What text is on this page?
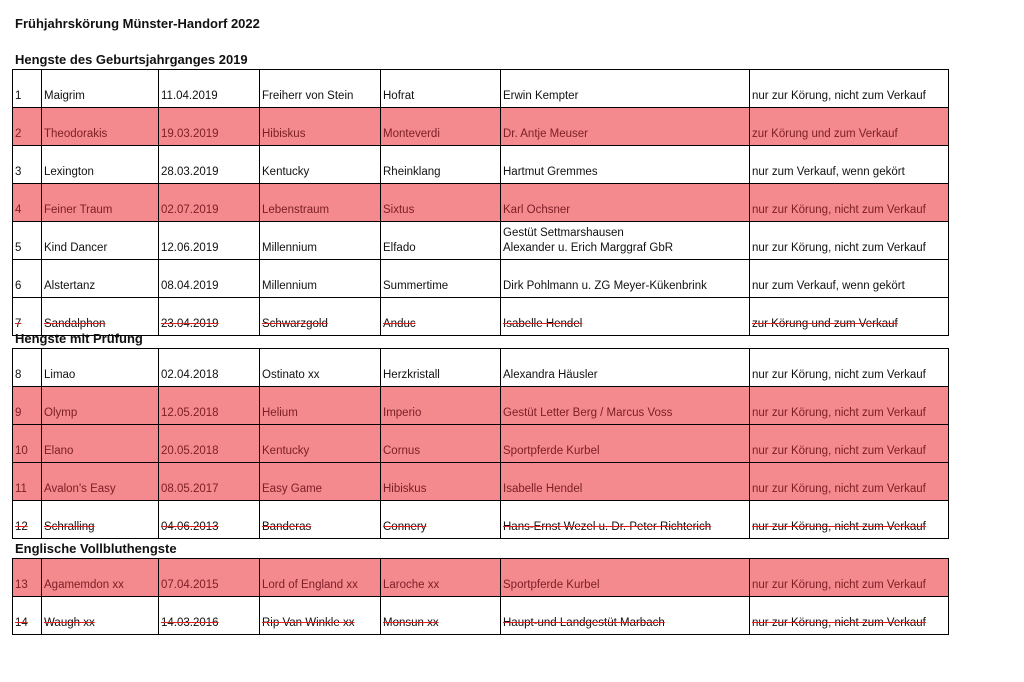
Frühjahrskörung Münster-Handorf 2022
Hengste des Geburtsjahrganges 2019
1	Maigrim	11.04.2019	Freiherr von Stein	Hofrat	Erwin Kempter	nur zur Körung, nicht zum Verkauf
2	Theodorakis	19.03.2019	Hibiskus	Monteverdi	Dr. Antje Meuser	zur Körung und zum Verkauf
3	Lexington	28.03.2019	Kentucky	Rheinklang	Hartmut Gremmes	nur zum Verkauf, wenn gekört
4	Feiner Traum	02.07.2019	Lebenstraum	Sixtus	Karl Ochsner	nur zur Körung, nicht zum Verkauf
5	Kind Dancer	12.06.2019	Millennium	Elfado	Gestüt Settmarshausen
Alexander u. Erich Marggraf GbR	nur zur Körung, nicht zum Verkauf
6	Alstertanz	08.04.2019	Millennium	Summertime	Dirk Pohlmann u. ZG Meyer-Kükenbrink	nur zum Verkauf, wenn gekört
7	Sandalphon	23.04.2019	Schwarzgold	Anduc	Isabelle Hendel	zur Körung und zum Verkauf
Hengste mit Prüfung
8	Limao	02.04.2018	Ostinato xx	Herzkristall	Alexandra Häusler	nur zur Körung, nicht zum Verkauf
9	Olymp	12.05.2018	Helium	Imperio	Gestüt Letter Berg / Marcus Voss	nur zur Körung, nicht zum Verkauf
10	Elano	20.05.2018	Kentucky	Cornus	Sportpferde Kurbel	nur zur Körung, nicht zum Verkauf
11	Avalon's Easy	08.05.2017	Easy Game	Hibiskus	Isabelle Hendel	nur zur Körung, nicht zum Verkauf
12	Schralling	04.06.2013	Banderas	Connery	Hans-Ernst Wezel u. Dr. Peter Richterich	nur zur Körung, nicht zum Verkauf
Englische Vollbluthengste
13	Agamemdon xx	07.04.2015	Lord of England xx	Laroche xx	Sportpferde Kurbel	nur zur Körung, nicht zum Verkauf
14	Waugh xx	14.03.2016	Rip Van Winkle xx	Monsun xx	Haupt-und Landgestüt Marbach	nur zur Körung, nicht zum Verkauf
